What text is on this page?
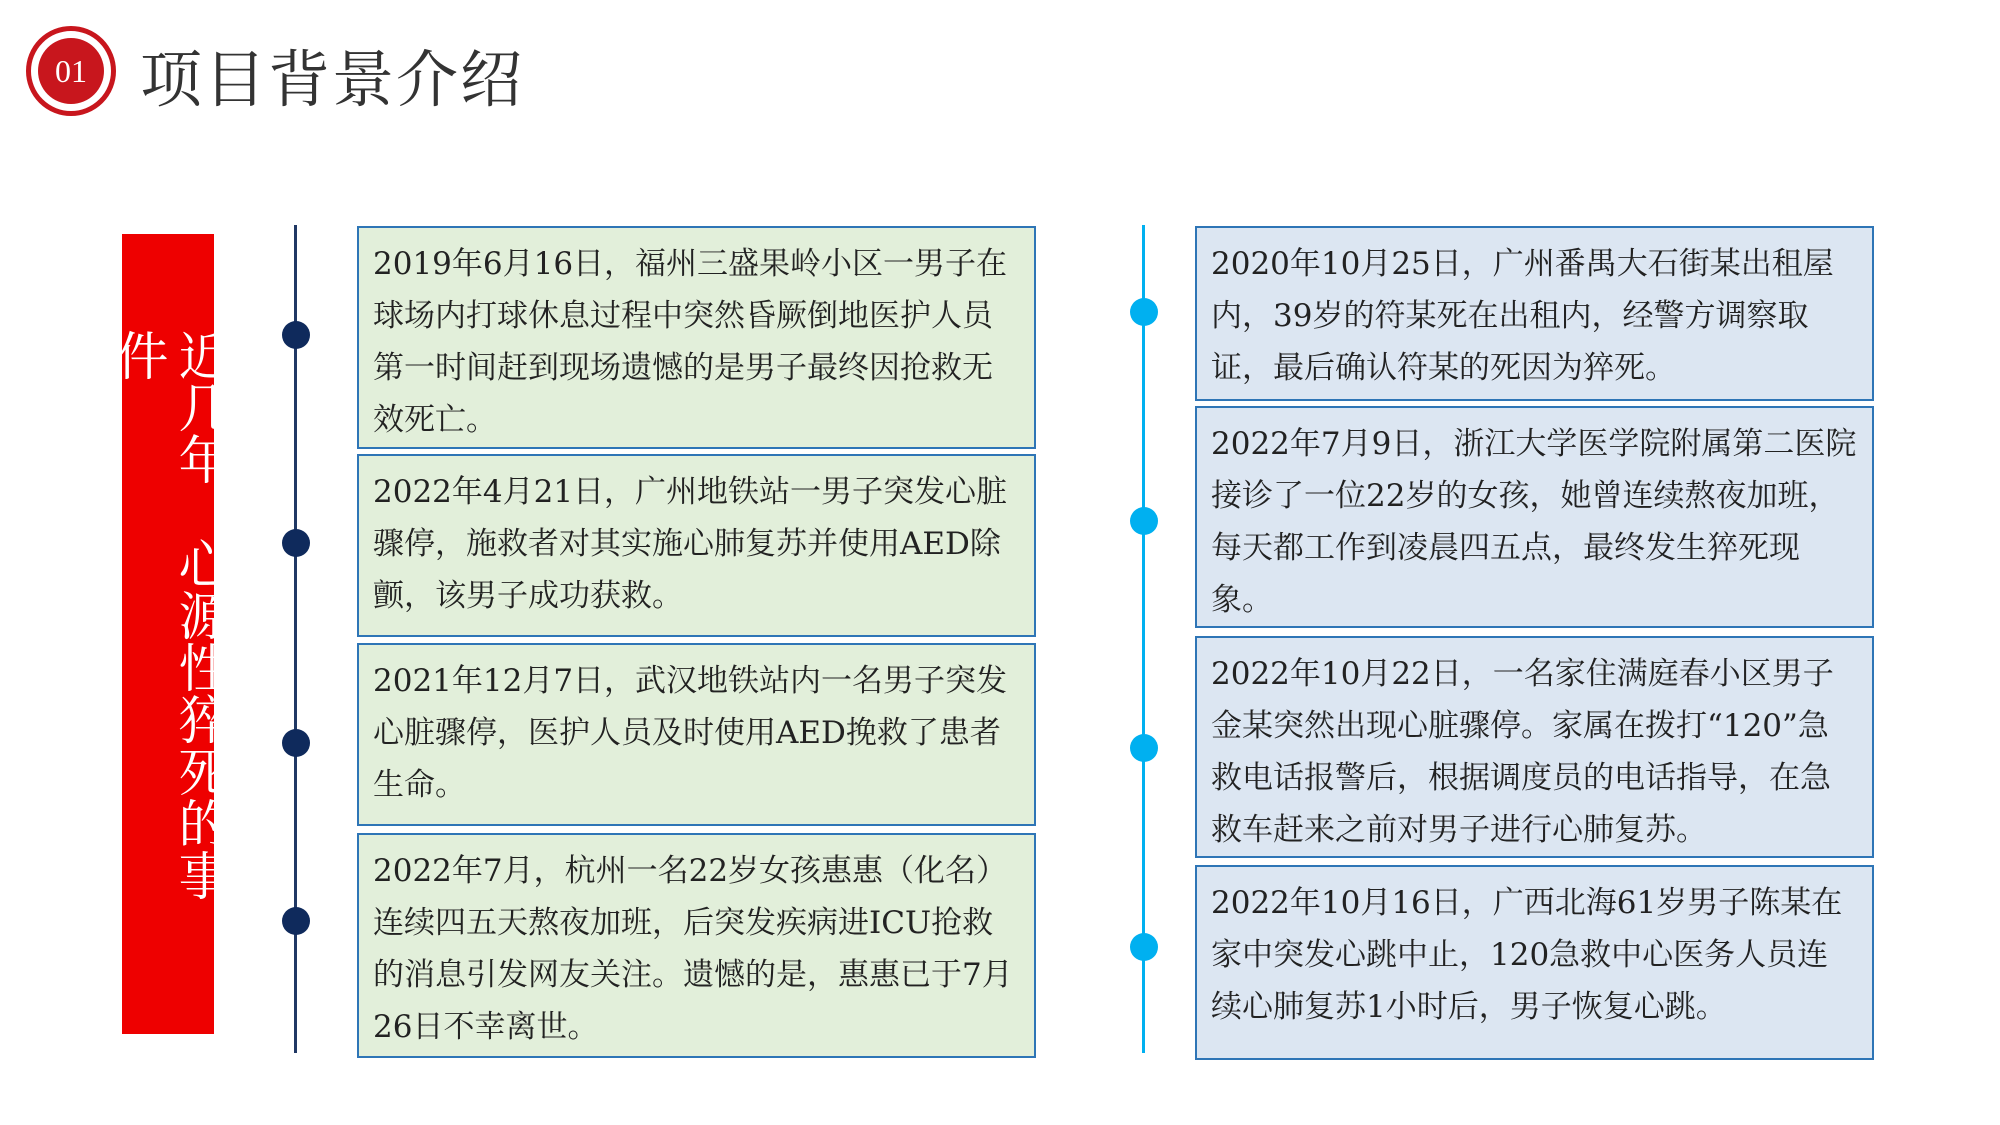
01 项目背景介绍
近几年，心源性猝死的事件
2019年6月16日，福州三盛果岭小区一男子在球场内打球休息过程中突然昏厥倒地医护人员第一时间赶到现场遗憾的是男子最终因抢救无效死亡。
2022年4月21日，广州地铁站一男子突发心脏骤停，施救者对其实施心肺复苏并使用AED除颤，该男子成功获救。
2021年12月7日，武汉地铁站内一名男子突发心脏骤停，医护人员及时使用AED挽救了患者生命。
2022年7月，杭州一名22岁女孩惠惠（化名）连续四五天熬夜加班，后突发疾病进ICU抢救的消息引发网友关注。遗憾的是，惠惠已于7月26日不幸离世。
2020年10月25日，广州番禺大石街某出租屋内，39岁的符某死在出租内，经警方调察取证，最后确认符某的死因为猝死。
2022年7月9日，浙江大学医学院附属第二医院接诊了一位22岁的女孩，她曾连续熬夜加班，每天都工作到凌晨四五点，最终发生猝死现象。
2022年10月22日，一名家住满庭春小区男子金某突然出现心脏骤停。家属在拨打“120”急救电话报警后，根据调度员的电话指导，在急救车赶来之前对男子进行心肺复苏。
2022年10月16日，广西北海61岁男子陈某在家中突发心跳中止，120急救中心医务人员连续心肺复苏1小时后，男子恢复心跳。
